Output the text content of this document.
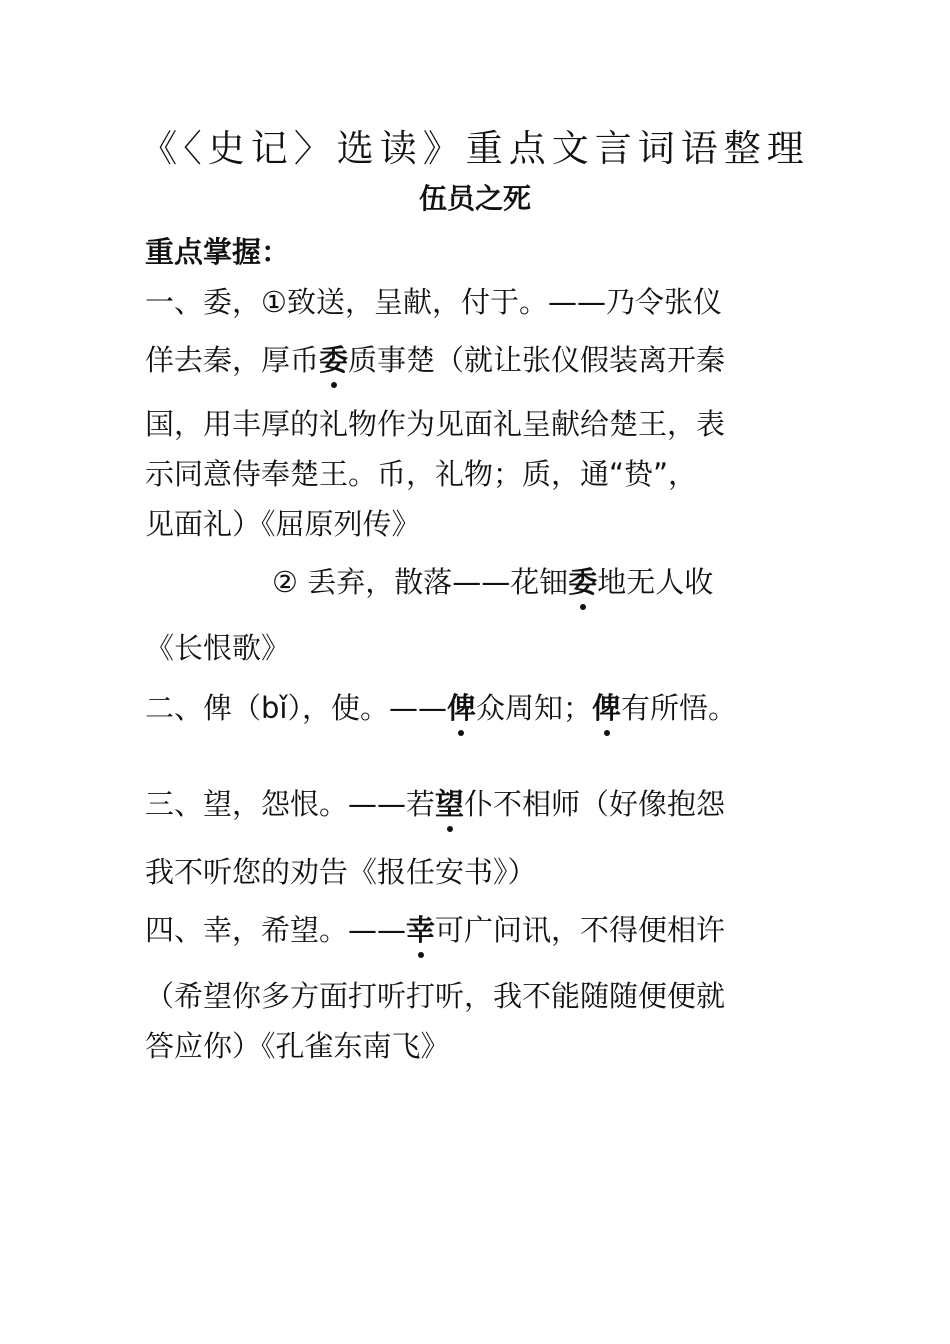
《〈史记〉选读》重点文言词语整理
伍员之死
重点掌握：
一、委，①致送，呈献，付于。——乃令张仪
佯去秦，厚币委质事楚（就让张仪假装离开秦
国，用丰厚的礼物作为见面礼呈献给楚王，表
示同意侍奉楚王。币，礼物；质，通“贽”，
见面礼）《屈原列传》
② 丢弃，散落——花钿委地无人收
《长恨歌》
二、俾（bǐ），使。——俾众周知；俾有所悟。
三、望，怨恨。——若望仆不相师（好像抱怨
我不听您的劝告《报任安书》）
四、幸，希望。——幸可广问讯，不得便相许
（希望你多方面打听打听，我不能随随便便就
答应你）《孔雀东南飞》
